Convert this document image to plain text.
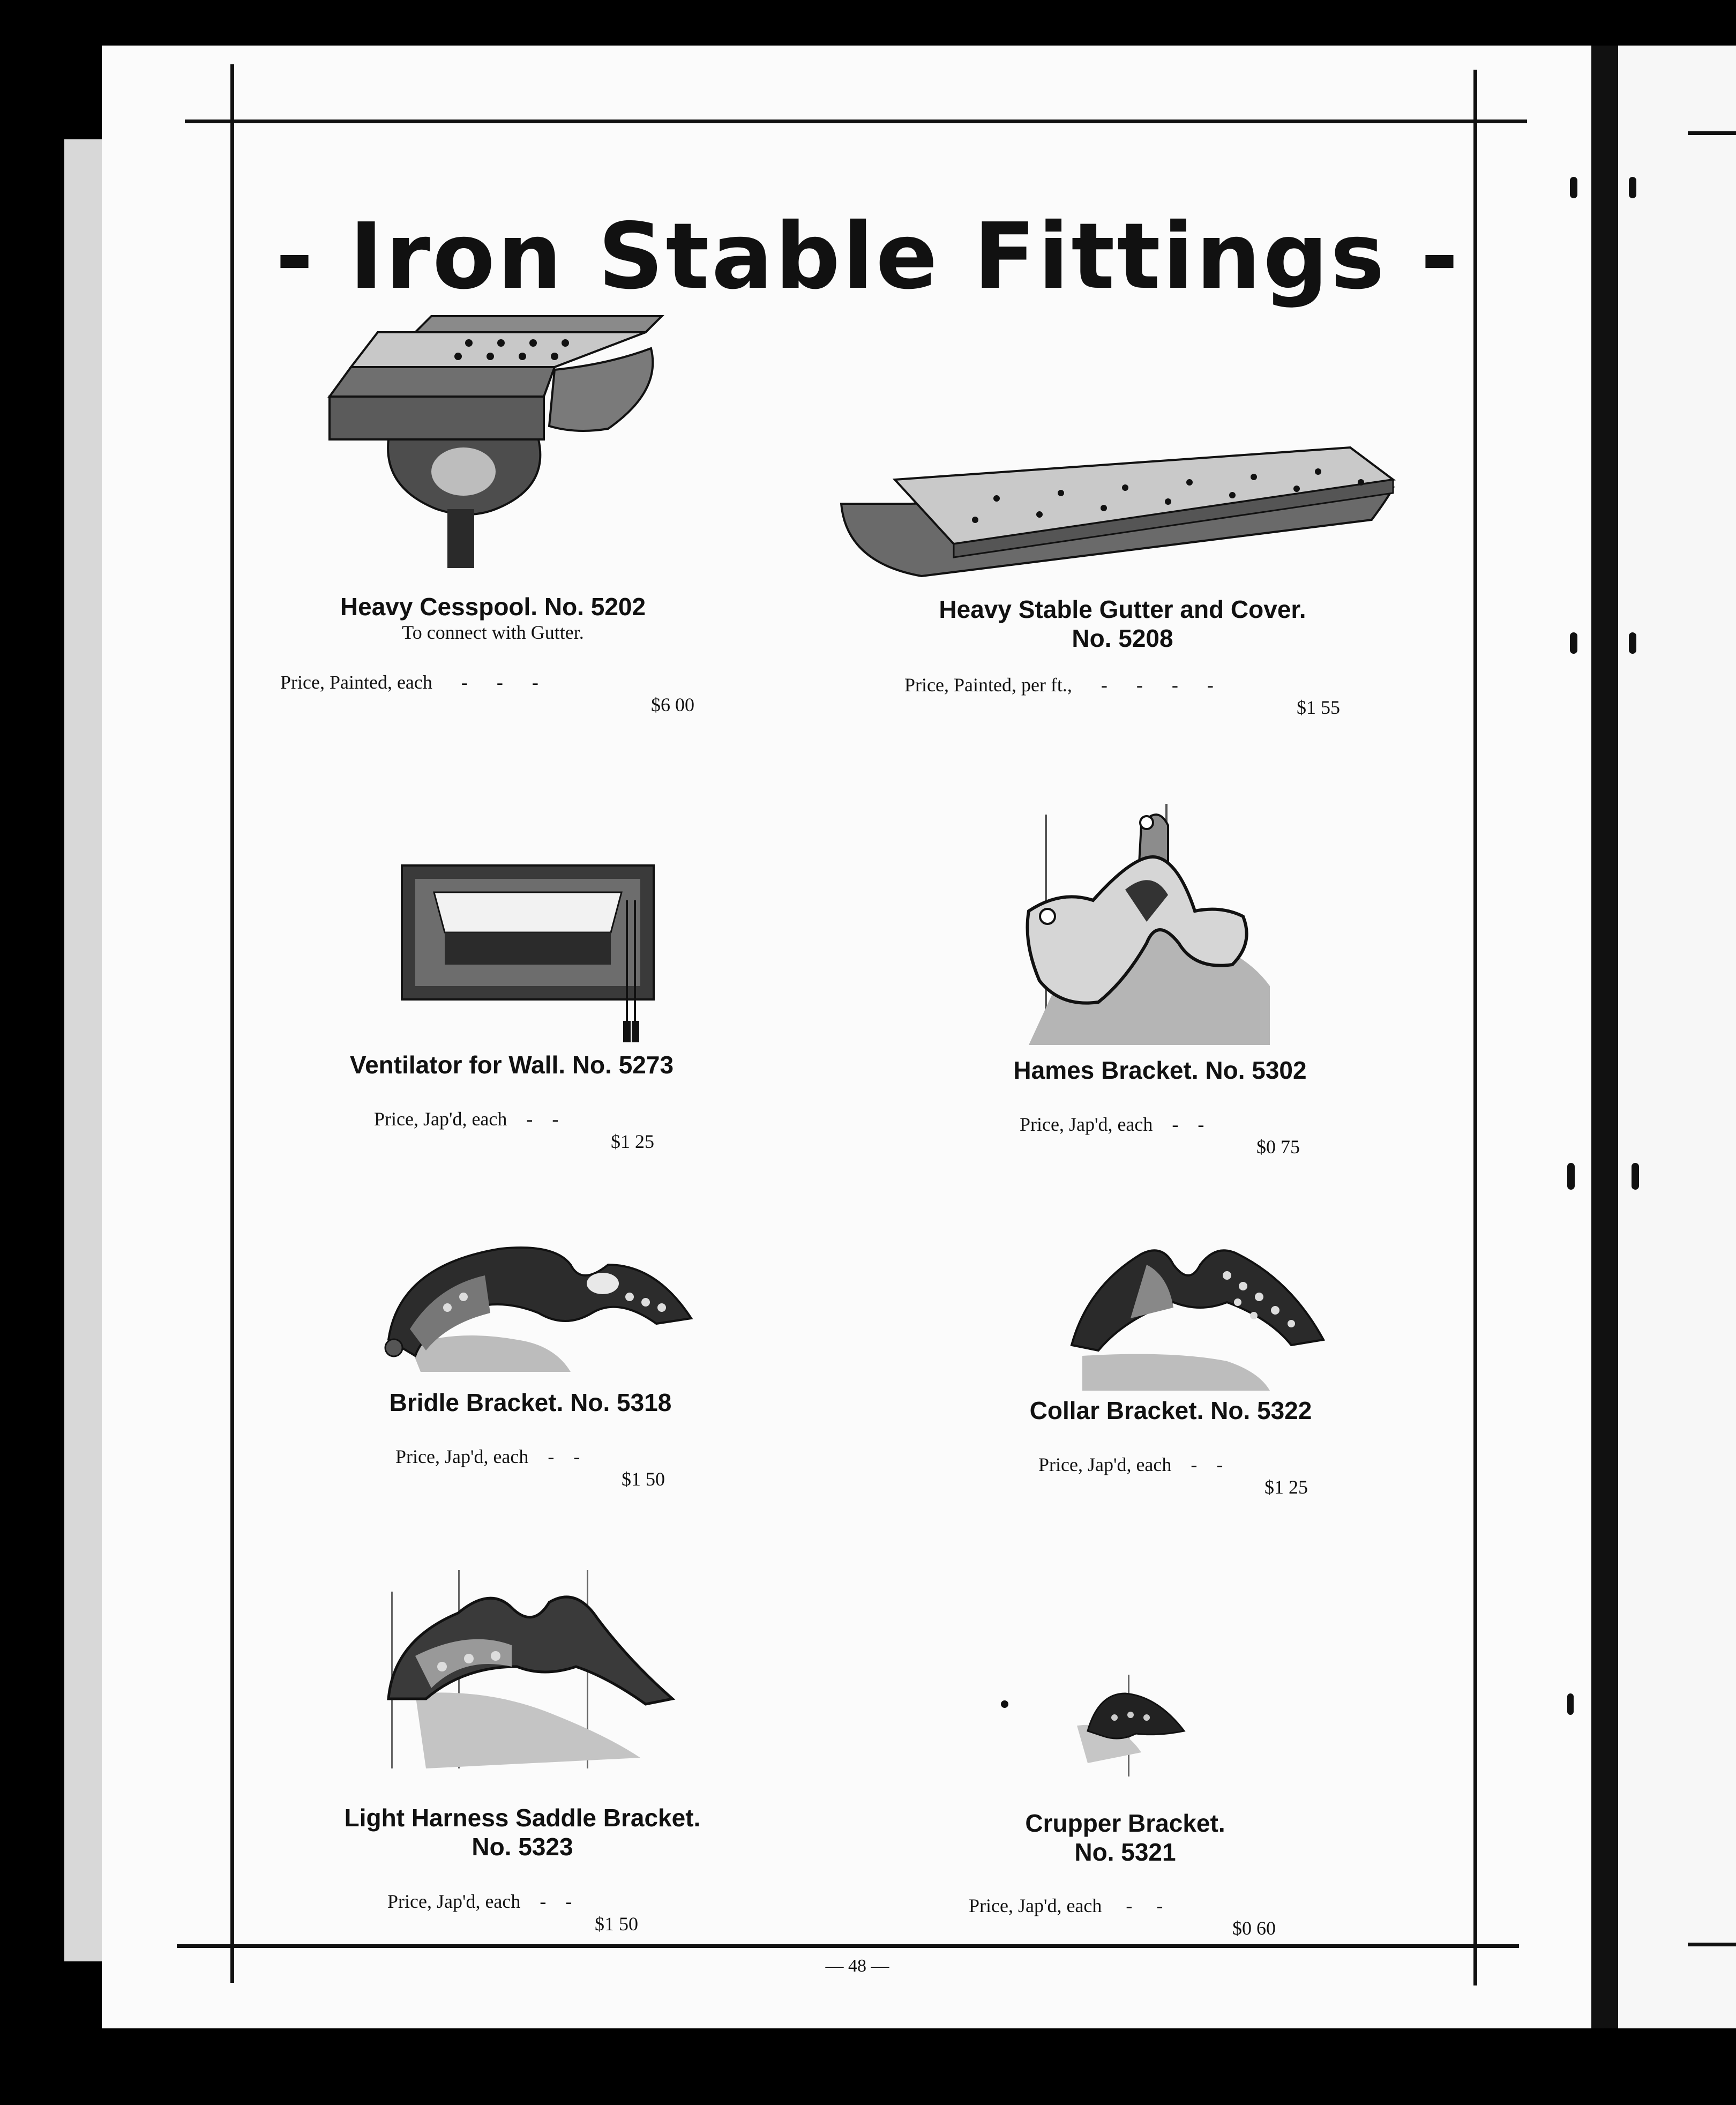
- Iron Stable Fittings -
Heavy Cesspool. No. 5202
To connect with Gutter.

Price, Painted, each      -      -      -

$6 00

Heavy Stable Gutter and Cover.
No. 5208

Price, Painted, per ft.,      -      -      -      -

$1 55

Ventilator for Wall. No. 5273

Price, Jap'd, each    -    -

$1 25

Hames Bracket. No. 5302

Price, Jap'd, each    -    -

$0 75

Bridle Bracket. No. 5318

Price, Jap'd, each    -    -

$1 50

Collar Bracket. No. 5322

Price, Jap'd, each    -    -

$1 25

Light Harness Saddle Bracket.
No. 5323

Price, Jap'd, each    -    -

$1 50

Crupper Bracket.
No. 5321

Price, Jap'd, each     -     -

$0 60

— 48 —
